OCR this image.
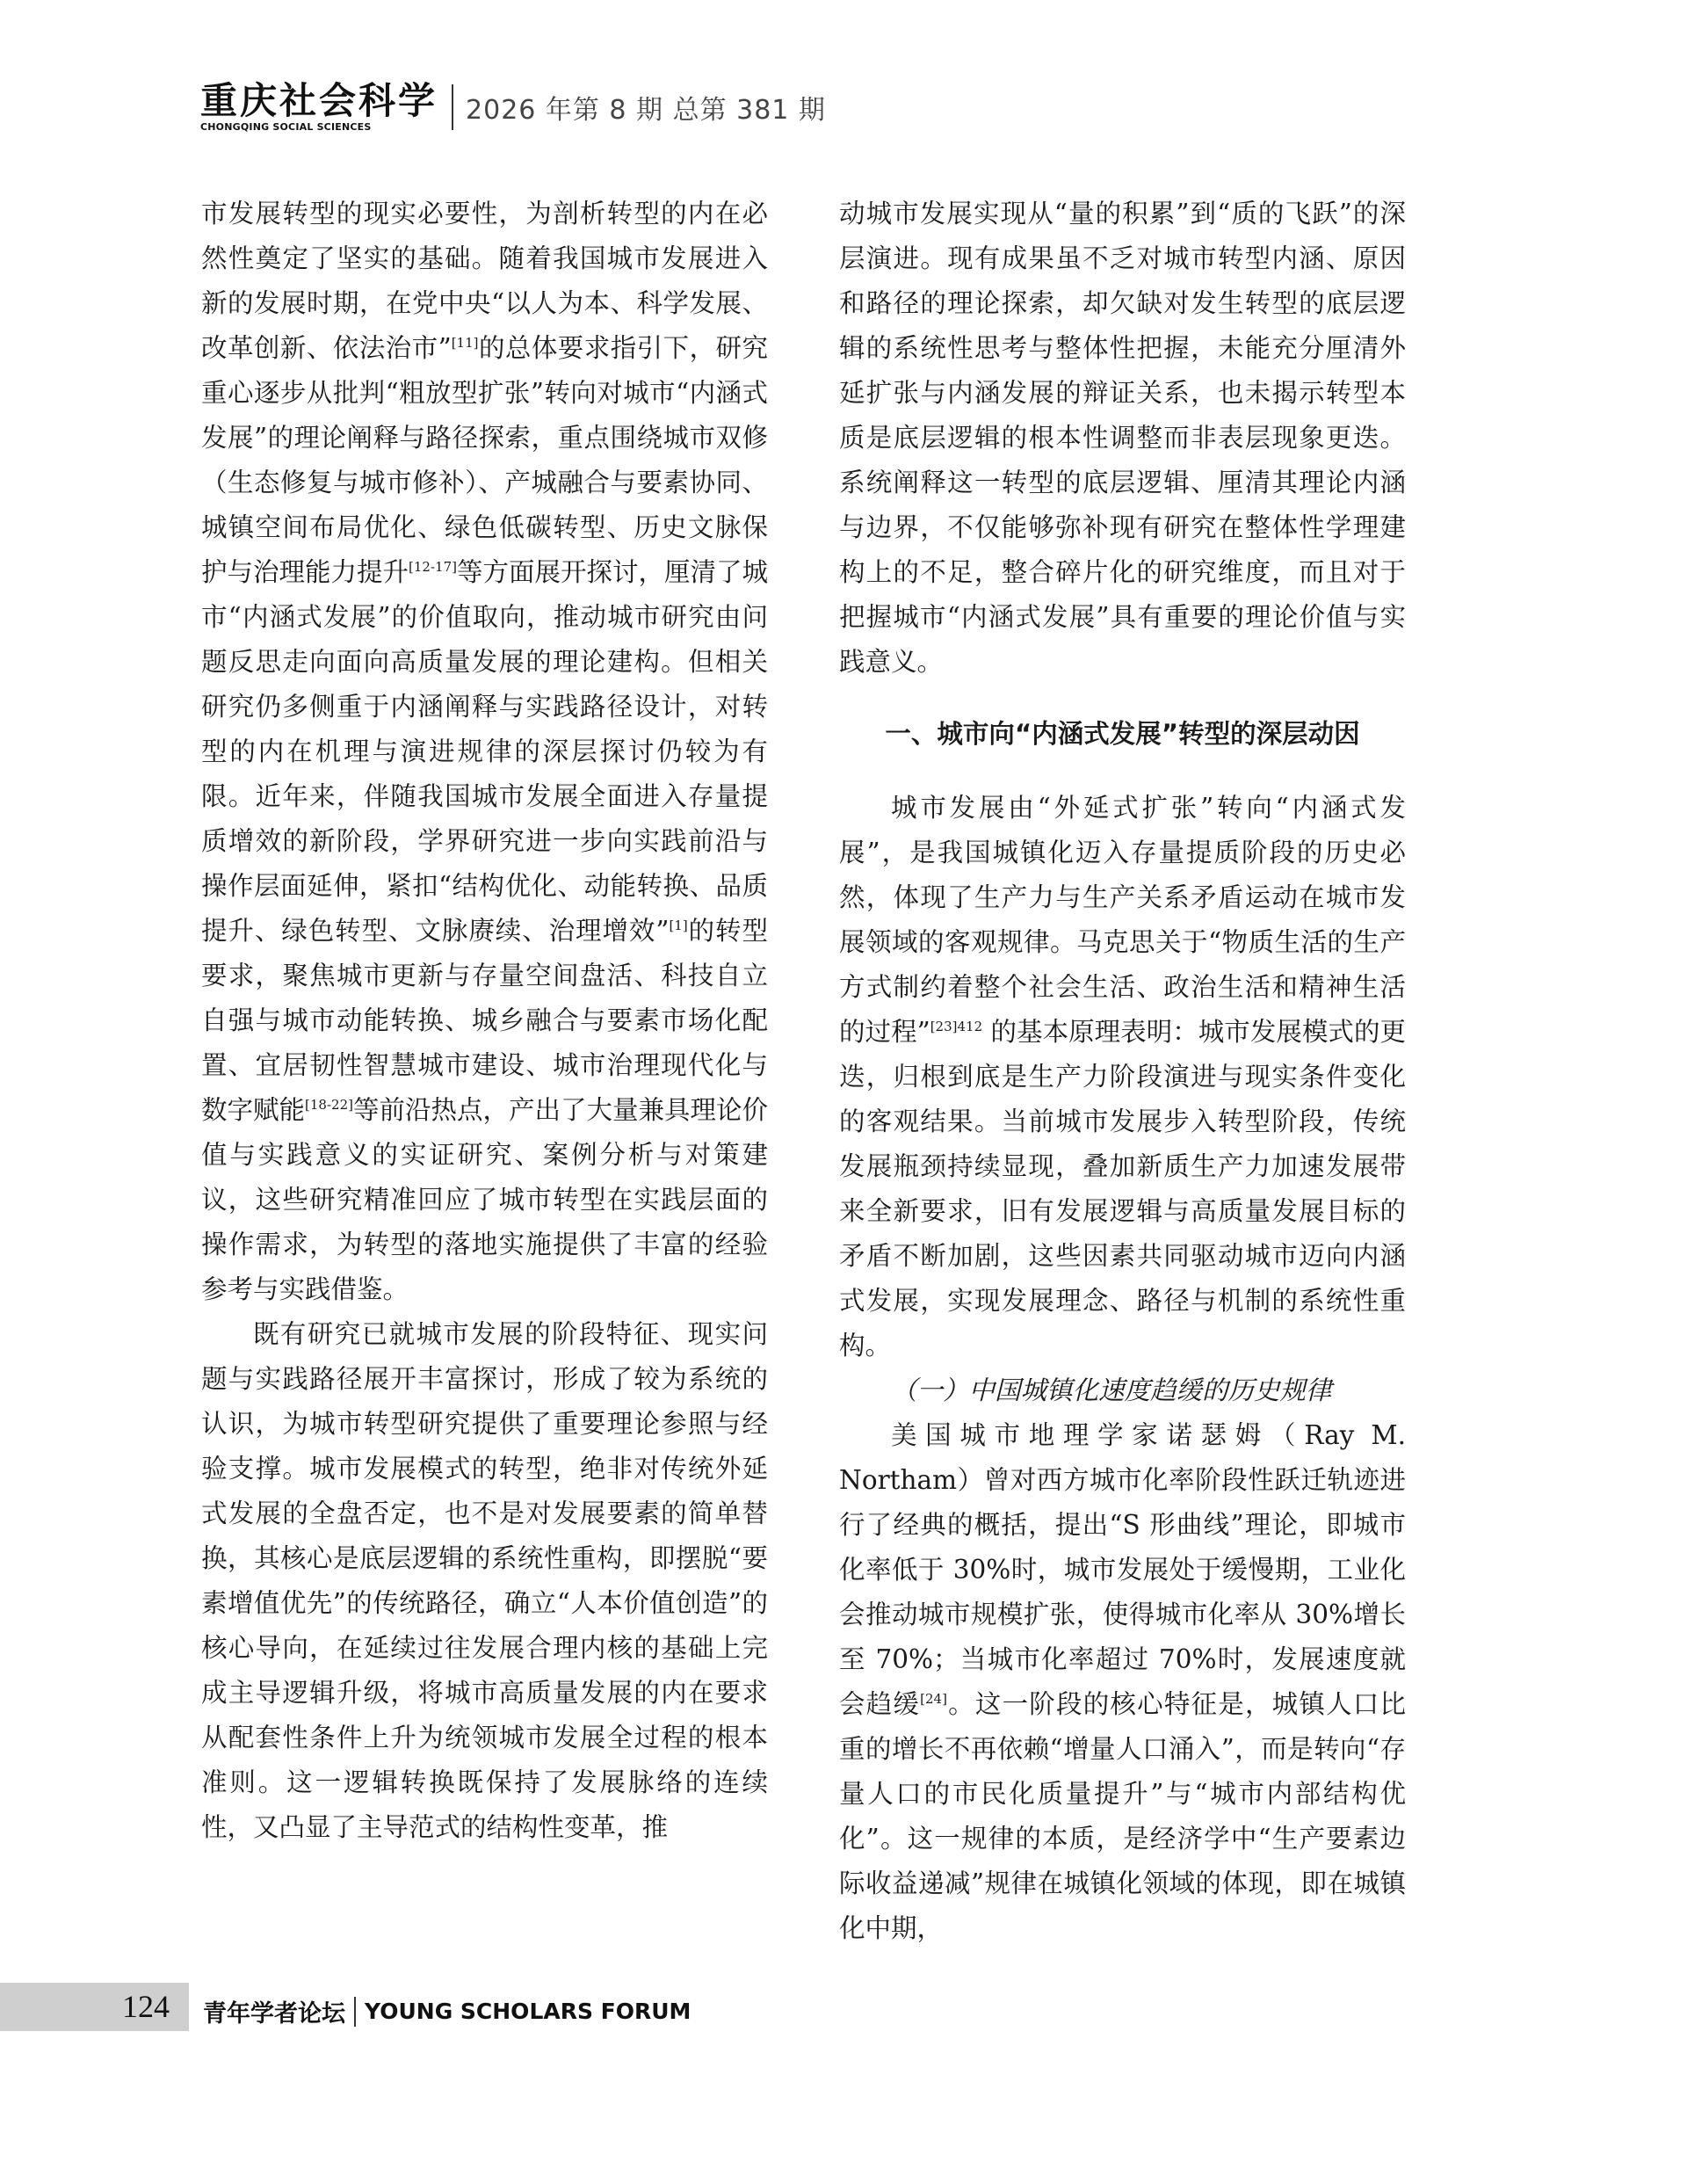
重庆社会科学
CHONGQING SOCIAL SCIENCES
2026 年第 8 期 总第 381 期

市发展转型的现实必要性，为剖析转型的内在必然性奠定了坚实的基础。随着我国城市发展进入新的发展时期，在党中央“以人为本、科学发展、改革创新、依法治市”[11]的总体要求指引下，研究重心逐步从批判“粗放型扩张”转向对城市“内涵式发展”的理论阐释与路径探索，重点围绕城市双修（生态修复与城市修补）、产城融合与要素协同、城镇空间布局优化、绿色低碳转型、历史文脉保护与治理能力提升[12-17]等方面展开探讨，厘清了城市“内涵式发展”的价值取向，推动城市研究由问题反思走向面向高质量发展的理论建构。但相关研究仍多侧重于内涵阐释与实践路径设计，对转型的内在机理与演进规律的深层探讨仍较为有限。近年来，伴随我国城市发展全面进入存量提质增效的新阶段，学界研究进一步向实践前沿与操作层面延伸，紧扣“结构优化、动能转换、品质提升、绿色转型、文脉赓续、治理增效”[1]的转型要求，聚焦城市更新与存量空间盘活、科技自立自强与城市动能转换、城乡融合与要素市场化配置、宜居韧性智慧城市建设、城市治理现代化与数字赋能[18-22]等前沿热点，产出了大量兼具理论价值与实践意义的实证研究、案例分析与对策建议，这些研究精准回应了城市转型在实践层面的操作需求，为转型的落地实施提供了丰富的经验参考与实践借鉴。

既有研究已就城市发展的阶段特征、现实问题与实践路径展开丰富探讨，形成了较为系统的认识，为城市转型研究提供了重要理论参照与经验支撑。城市发展模式的转型，绝非对传统外延式发展的全盘否定，也不是对发展要素的简单替换，其核心是底层逻辑的系统性重构，即摆脱“要素增值优先”的传统路径，确立“人本价值创造”的核心导向，在延续过往发展合理内核的基础上完成主导逻辑升级，将城市高质量发展的内在要求从配套性条件上升为统领城市发展全过程的根本准则。这一逻辑转换既保持了发展脉络的连续性，又凸显了主导范式的结构性变革，推

动城市发展实现从“量的积累”到“质的飞跃”的深层演进。现有成果虽不乏对城市转型内涵、原因和路径的理论探索，却欠缺对发生转型的底层逻辑的系统性思考与整体性把握，未能充分厘清外延扩张与内涵发展的辩证关系，也未揭示转型本质是底层逻辑的根本性调整而非表层现象更迭。系统阐释这一转型的底层逻辑、厘清其理论内涵与边界，不仅能够弥补现有研究在整体性学理建构上的不足，整合碎片化的研究维度，而且对于把握城市“内涵式发展”具有重要的理论价值与实践意义。

一、城市向“内涵式发展”转型的深层动因

城市发展由“外延式扩张”转向“内涵式发展”，是我国城镇化迈入存量提质阶段的历史必然，体现了生产力与生产关系矛盾运动在城市发展领域的客观规律。马克思关于“物质生活的生产方式制约着整个社会生活、政治生活和精神生活的过程”$^{[23]412}$ 的基本原理表明：城市发展模式的更迭，归根到底是生产力阶段演进与现实条件变化的客观结果。当前城市发展步入转型阶段，传统发展瓶颈持续显现，叠加新质生产力加速发展带来全新要求，旧有发展逻辑与高质量发展目标的矛盾不断加剧，这些因素共同驱动城市迈向内涵式发展，实现发展理念、路径与机制的系统性重构。

（一）中国城镇化速度趋缓的历史规律

美国城市地理学家诺瑟姆（Ray M. Northam）曾对西方城市化率阶段性跃迁轨迹进行了经典的概括，提出“S 形曲线”理论，即城市化率低于 30%时，城市发展处于缓慢期，工业化会推动城市规模扩张，使得城市化率从 30%增长至 70%；当城市化率超过 70%时，发展速度就会趋缓[24]。这一阶段的核心特征是，城镇人口比重的增长不再依赖“增量人口涌入”，而是转向“存量人口的市民化质量提升”与“城市内部结构优化”。这一规律的本质，是经济学中“生产要素边际收益递减”规律在城镇化领域的体现，即在城镇化中期，

124 青年学者论坛 YOUNG SCHOLARS FORUM
